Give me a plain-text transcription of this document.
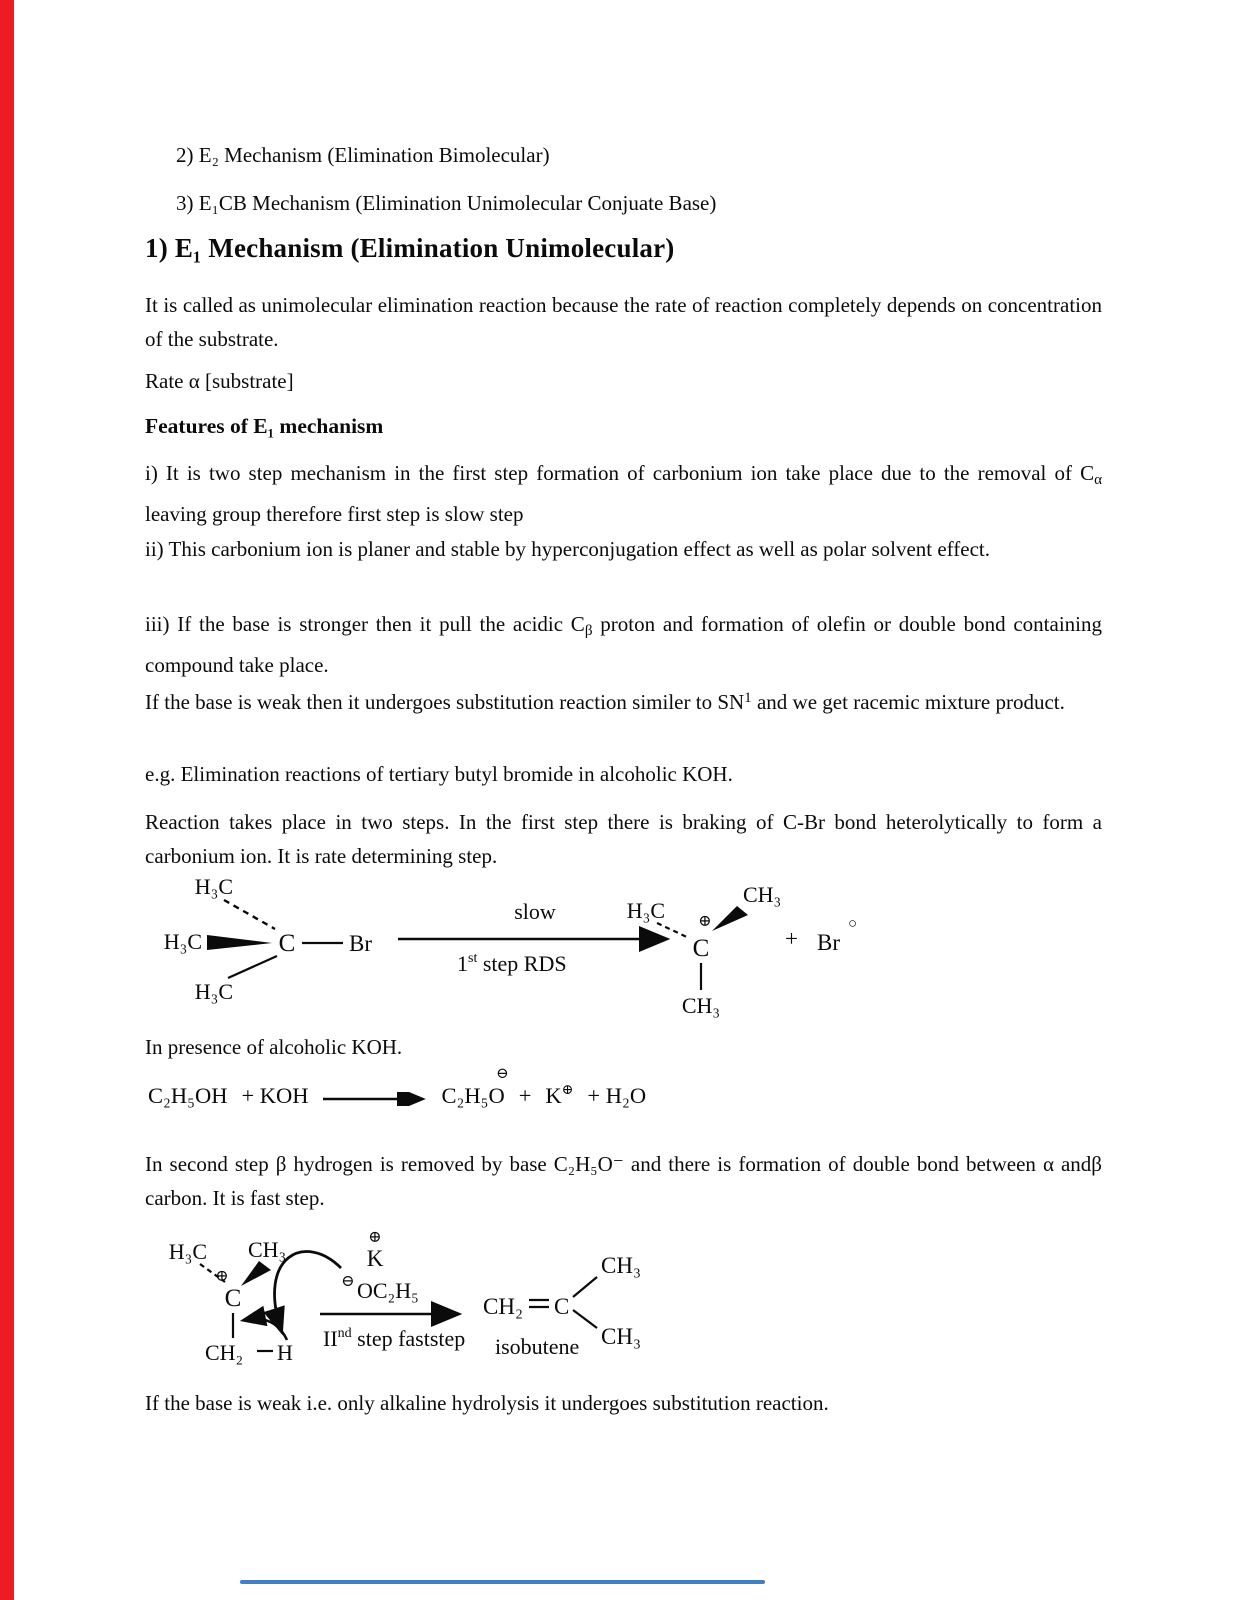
2) E₂ Mechanism (Elimination Bimolecular)
3) E₁CB Mechanism (Elimination Unimolecular Conjuate Base)
1) E₁ Mechanism (Elimination Unimolecular)
It is called as unimolecular elimination reaction because the rate of reaction completely depends on concentration of the substrate.
Rate α [substrate]
Features of E₁ mechanism
i) It is two step mechanism in the first step formation of carbonium ion take place due to the removal of $C_\alpha$ leaving group therefore first step is slow step
ii) This carbonium ion is planer and stable by hyperconjugation effect as well as polar solvent effect.
iii) If the base is stronger then it pull the acidic $C_\beta$ proton and formation of olefin or double bond containing compound take place.
If the base is weak then it undergoes substitution reaction similer to $SN^1$ and we get racemic mixture product.
e.g. Elimination reactions of tertiary butyl bromide in alcoholic KOH.
Reaction takes place in two steps. In the first step there is braking of C-Br bond heterolytically to form a carbonium ion. It is rate determining step.
H₃C
H₃C	C Br
H₃C
slow
1st step RDS
H₃C ⊕
CH₃
C
CH₃
+ Br
○
In presence of alcoholic KOH.
C₂H₅OH + KOH	C₂H₅O
⊖
+ K⊕ + H₂O
In second step β hydrogen is removed by base C₂H₅O⁻ and there is formation of double bond between α andβ carbon. It is fast step.
H₃C
⊕
CH₃
C
CH₂ H
⊕
K
⊖ OC₂H₅
IInd step faststep
CH₂ C
CH₃
CH₃
isobutene
If the base is weak i.e. only alkaline hydrolysis it undergoes substitution reaction.
